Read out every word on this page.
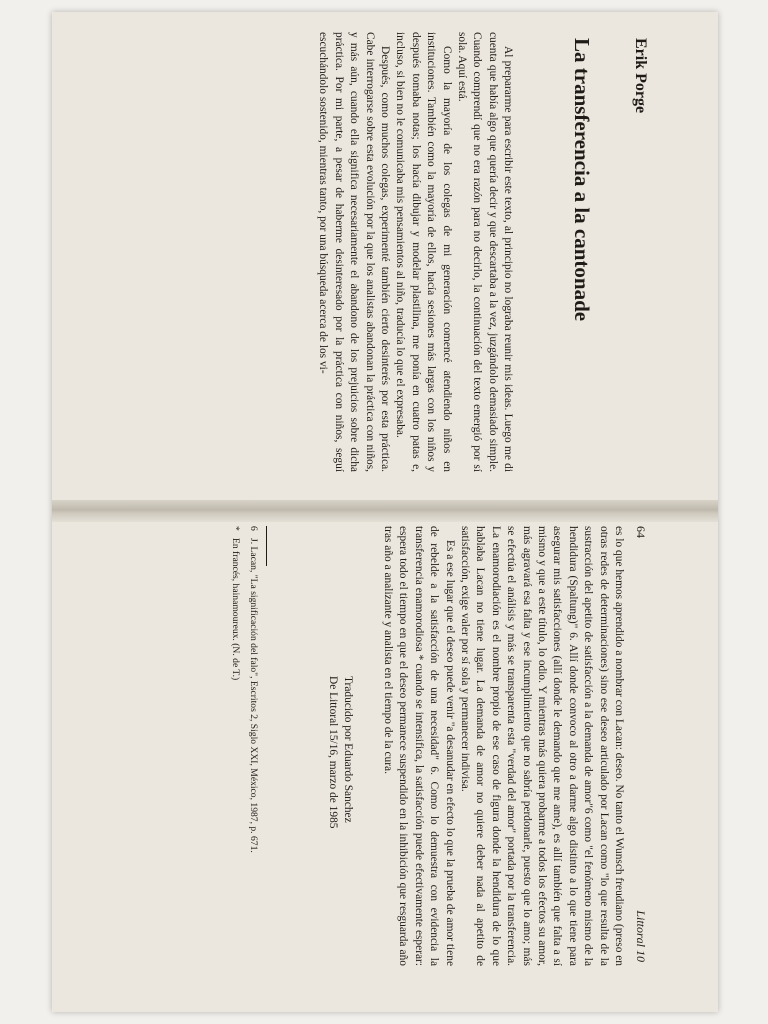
Erik Porge
La transferencia a la cantonade

Al prepararme para escribir este texto, al principio no lograba reunir mis ideas. Luego me di cuenta que había algo que quería decir y que descartaba a la vez, juzgándolo demasiado simple. Cuando comprendí que no era razón para no decirlo, la continuación del texto emergió por sí sola. Aquí está.

Como la mayoría de los colegas de mi generación comencé atendiendo niños en instituciones. También como la mayoría de ellos, hacía sesiones más largas con los niños y después tomaba notas; los hacía dibujar y modelar plastilina, me ponía en cuatro patas e, incluso, si bien no le comunicaba mis pensamientos al niño, traducía lo que el expresaba.

Después, como muchos colegas, experimenté también cierto desinterés por esta práctica. Cabe interrogarse sobre esta evolución por la que los analistas abandonan la práctica con niños, y más aún, cuando ella significa necesariamente el abandono de los prejuicios sobre dicha práctica. Por mi parte, a pesar de haberme desinteresado por la práctica con niños, seguí escuchándolo sostenido, mientras tanto, por una búsqueda acerca de los vi-

64
Littoral 10

es lo que hemos aprendido a nombrar con Lacan: deseo. No tanto el Wunsch freudiano (preso en otras redes de determinaciones) sino ese deseo articulado por Lacan como "lo que resulta de la sustracción del apetito de satisfacción a la demanda de amor"6 como "el fenómeno mismo de la hendidura (Spaltung)" 6. Allí donde convoco al otro a darme algo distinto a lo que tiene para asegurar mis satisfacciones (allí donde le demando que me ame), es allí también que falta a sí mismo y que a este título, lo odio. Y mientras más quiera probarme a todos los efectos su amor, más agravará esa falta y ese incumplimiento que no sabría perdonarle, puesto que lo amo; más se efectúa el análisis y más se transparenta esta "verdad del amor" portada por la transferencia. La enamorodiación es el nombre propio de ese caso de figura donde la hendidura de lo que hablaba Lacan no tiene lugar. La demanda de amor no quiere deber nada al apetito de satisfacción, exige valer por sí sola y permanecer indivisa.

Es a ese lugar que el deseo puede venir "a desanudar en efecto lo que la prueba de amor tiene de rebelde a la satisfacción de una necesidad" 6. Como lo demuestra con evidencia la transferencia enamorodiosa * cuando se intensifica, la satisfacción puede efectivamente esperar: espera todo el tiempo en que el deseo permanece suspendido en la inhibición que resguarda año tras año a analizante y analista en el tiempo de la cura.

Traducido por Eduardo Sanchez
De Littoral 15/16, marzo de 1985
6J. Lacan, "La significación del falo", Escritos 2, Siglo XXI, México, 1987, p. 671.
*En francés, hainamoureux. (N. de T.)
